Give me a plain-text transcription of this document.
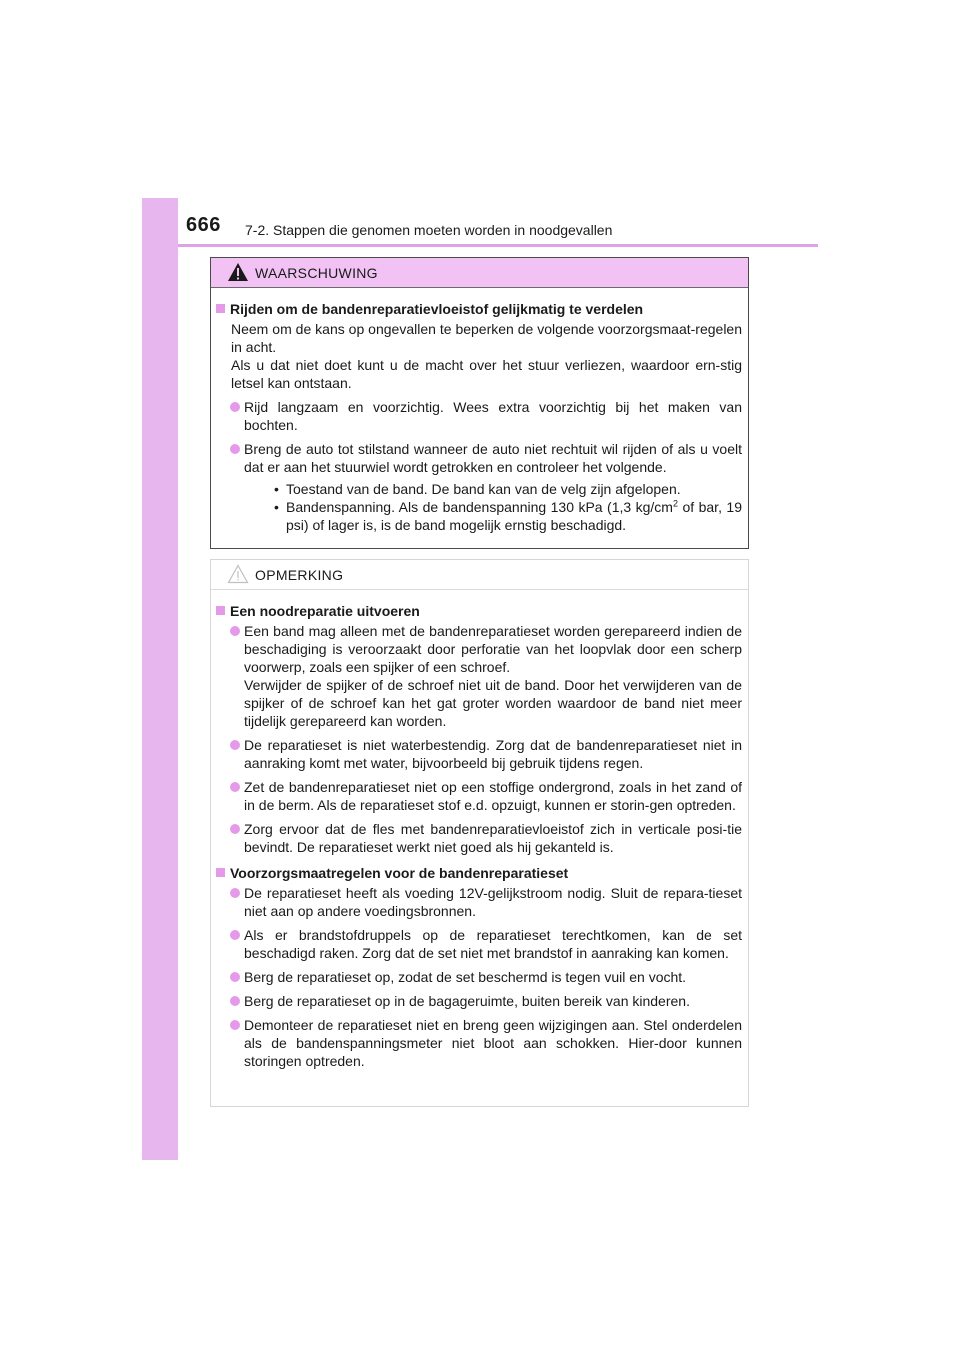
666 7-2. Stappen die genomen moeten worden in noodgevallen
WAARSCHUWING
Rijden om de bandenreparatievloeistof gelijkmatig te verdelen
Neem om de kans op ongevallen te beperken de volgende voorzorgsmaat-regelen in acht.
Als u dat niet doet kunt u de macht over het stuur verliezen, waardoor ern-stig letsel kan ontstaan.
Rijd langzaam en voorzichtig. Wees extra voorzichtig bij het maken van bochten.
Breng de auto tot stilstand wanneer de auto niet rechtuit wil rijden of als u voelt dat er aan het stuurwiel wordt getrokken en controleer het volgende.
• Toestand van de band. De band kan van de velg zijn afgelopen.
• Bandenspanning. Als de bandenspanning 130 kPa (1,3 $kg/cm^2$ of bar, 19 psi) of lager is, is de band mogelijk ernstig beschadigd.
OPMERKING
Een noodreparatie uitvoeren

Een band mag alleen met de bandenreparatieset worden gerepareerd indien de beschadiging is veroorzaakt door perforatie van het loopvlak door een scherp voorwerp, zoals een spijker of een schroef.

Verwijder de spijker of de schroef niet uit de band. Door het verwijderen van de spijker of de schroef kan het gat groter worden waardoor de band niet meer tijdelijk gerepareerd kan worden.

De reparatieset is niet waterbestendig. Zorg dat de bandenreparatieset niet in aanraking komt met water, bijvoorbeeld bij gebruik tijdens regen.
Zet de bandenreparatieset niet op een stoffige ondergrond, zoals in het zand of in de berm. Als de reparatieset stof e.d. opzuigt, kunnen er storin-gen optreden.
Zorg ervoor dat de fles met bandenreparatievloeistof zich in verticale posi-tie bevindt. De reparatieset werkt niet goed als hij gekanteld is.
Voorzorgsmaatregelen voor de bandenreparatieset
De reparatieset heeft als voeding 12V-gelijkstroom nodig. Sluit de repara-tieset niet aan op andere voedingsbronnen.
Als er brandstofdruppels op de reparatieset terechtkomen, kan de set beschadigd raken. Zorg dat de set niet met brandstof in aanraking kan komen.
Berg de reparatieset op, zodat de set beschermd is tegen vuil en vocht.
Berg de reparatieset op in de bagageruimte, buiten bereik van kinderen.
Demonteer de reparatieset niet en breng geen wijzigingen aan. Stel onderdelen als de bandenspanningsmeter niet bloot aan schokken. Hier-door kunnen storingen optreden.
